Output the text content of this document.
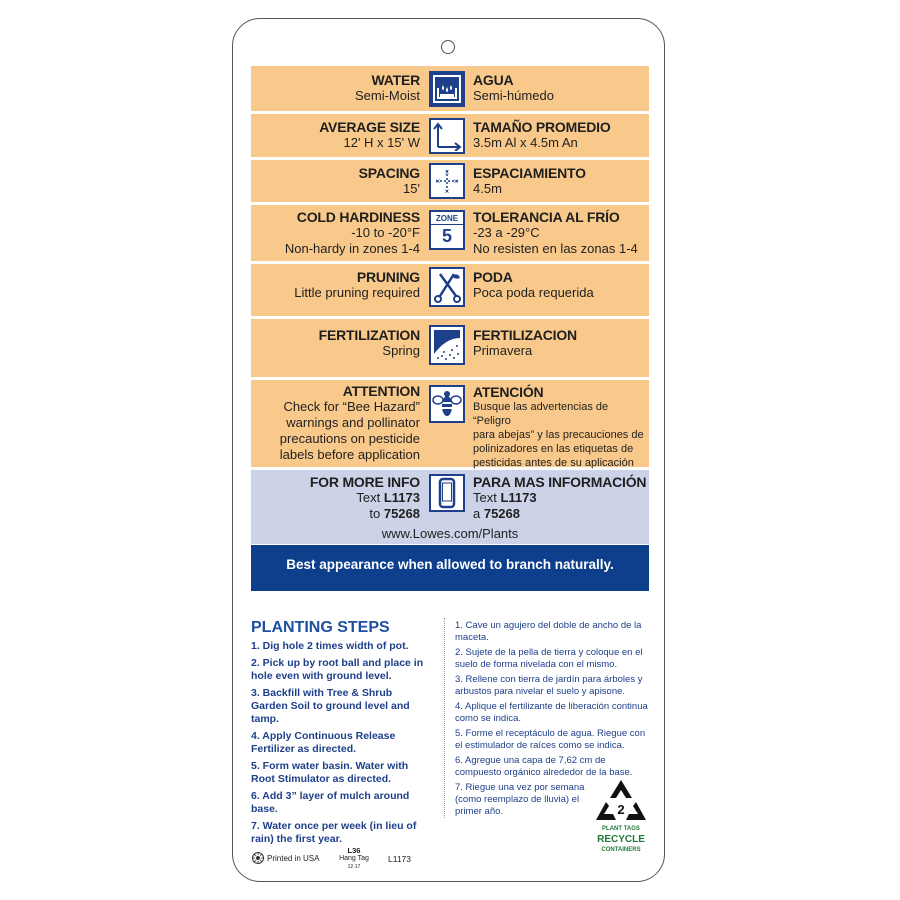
WATER
Semi-Moist
AGUA
Semi-húmedo
AVERAGE SIZE
12' H x 15' W
TAMAÑO PROMEDIO
3.5m Al x 4.5m An
SPACING
15'
×
×
× ×
ESPACIAMIENTO
4.5m
COLD HARDINESS
-10 to -20°F
Non-hardy in zones 1-4
ZONE
5
TOLERANCIA AL FRÍO
-23 a -29°C
No resisten en las zonas 1-4
PRUNING
Little pruning required
PODA
Poca poda requerida
FERTILIZATION
Spring
FERTILIZACION
Primavera
ATTENTION
Check for “Bee Hazard”
warnings and pollinator
precautions on pesticide
labels before application
ATENCIÓN
Busque las advertencias de “Peligro
para abejas” y las precauciones de
polinizadores en las etiquetas de
pesticidas antes de su aplicación
FOR MORE INFO
Text L1173
to 75268
PARA MAS INFORMACIÓN
Text L1173
a 75268
www.Lowes.com/Plants
Best appearance when allowed to branch naturally.
PLANTING STEPS
1. Dig hole 2 times width of pot.
2. Pick up by root ball and place in hole even with ground level.
3. Backfill with Tree & Shrub Garden Soil to ground level and tamp.
4. Apply Continuous Release Fertilizer as directed.
5. Form water basin. Water with Root Stimulator as directed.
6. Add 3” layer of mulch around base.
7. Water once per week (in lieu of rain) the first year.
1. Cave un agujero del doble de ancho de la maceta.
2. Sujete de la pella de tierra y coloque en el suelo de forma nivelada con el mismo.
3. Rellene con tierra de jardín para árboles y arbustos para nivelar el suelo y apisone.
4. Aplique el fertilizante de liberación continua como se indica.
5. Forme el receptáculo de agua. Riegue con el estimulador de raíces como se indica.
6. Agregue una capa de 7,62 cm de compuesto orgánico alrededor de la base.
7. Riegue una vez por semana (como reemplazo de lluvia) el primer año.	2
PLANT TAGS
RECYCLE
CONTAINERS
Printed in USA
L36
Hang Tag
12-17
L1173
